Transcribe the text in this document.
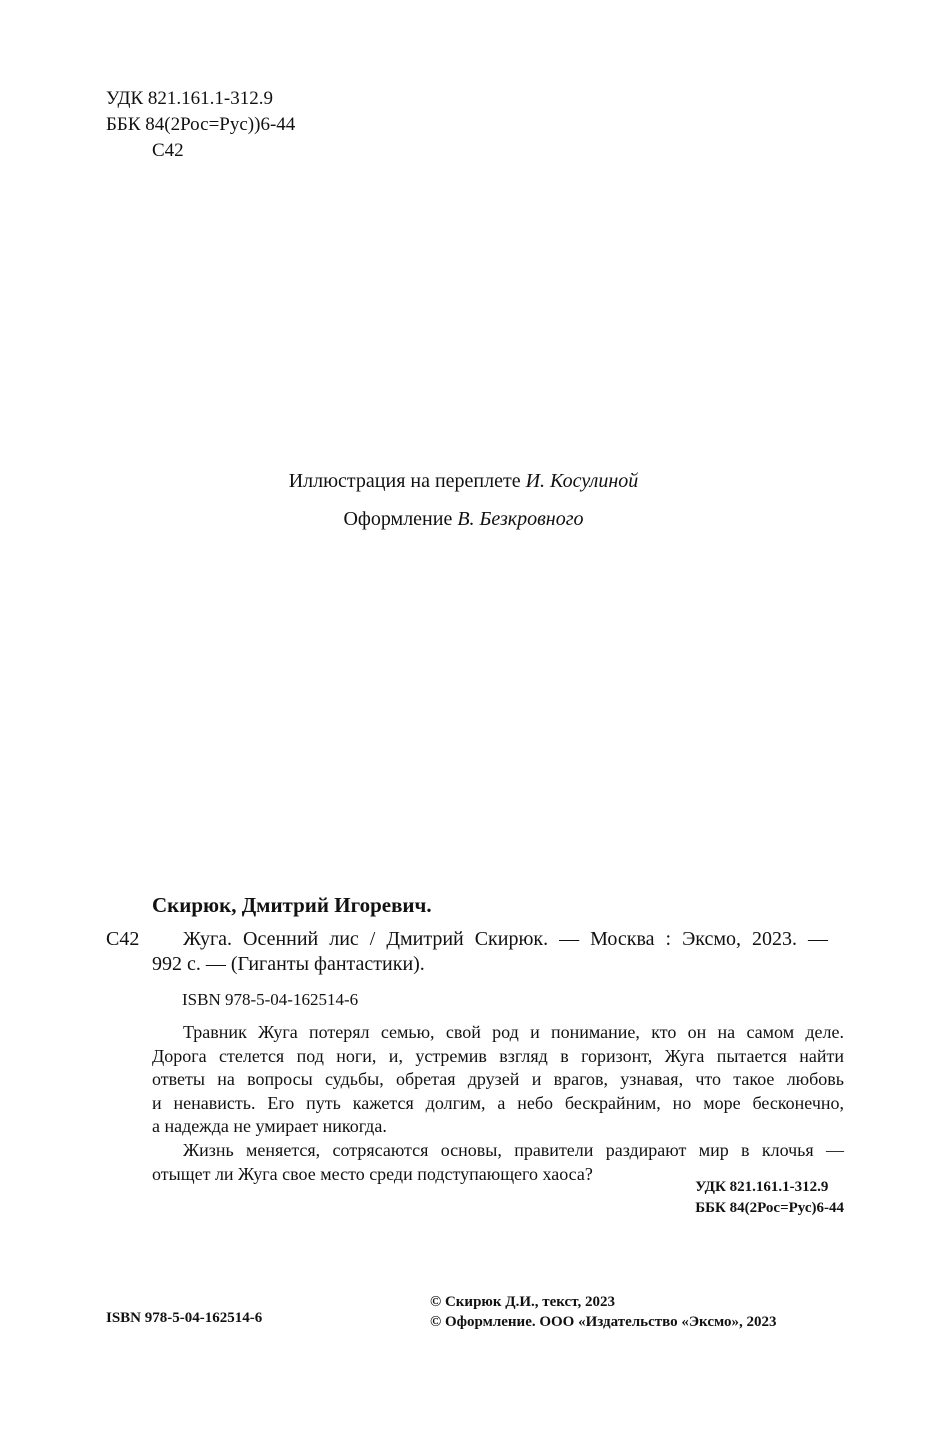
УДК 821.161.1-312.9
ББК 84(2Рос=Рус))6-44
С42
Иллюстрация на переплете И. Косулиной
Оформление В. Безкровного
Скирюк, Дмитрий Игоревич.
С42 Жуга. Осенний лис / Дмитрий Скирюк. — Москва : Эксмо, 2023. —
992 с. — (Гиганты фантастики).
ISBN 978-5-04-162514-6
Травник Жуга потерял семью, свой род и понимание, кто он на самом деле.
Дорога стелется под ноги, и, устремив взгляд в горизонт, Жуга пытается найти
ответы на вопросы судьбы, обретая друзей и врагов, узнавая, что такое любовь
и ненависть. Его путь кажется долгим, а небо бескрайним, но море бесконечно,
а надежда не умирает никогда.
Жизнь меняется, сотрясаются основы, правители раздирают мир в клочья —
отыщет ли Жуга свое место среди подступающего хаоса?
УДК 821.161.1-312.9
ББК 84(2Рос=Рус)6-44
ISBN 978-5-04-162514-6
© Скирюк Д.И., текст, 2023
© Оформление. ООО «Издательство «Эксмо», 2023
